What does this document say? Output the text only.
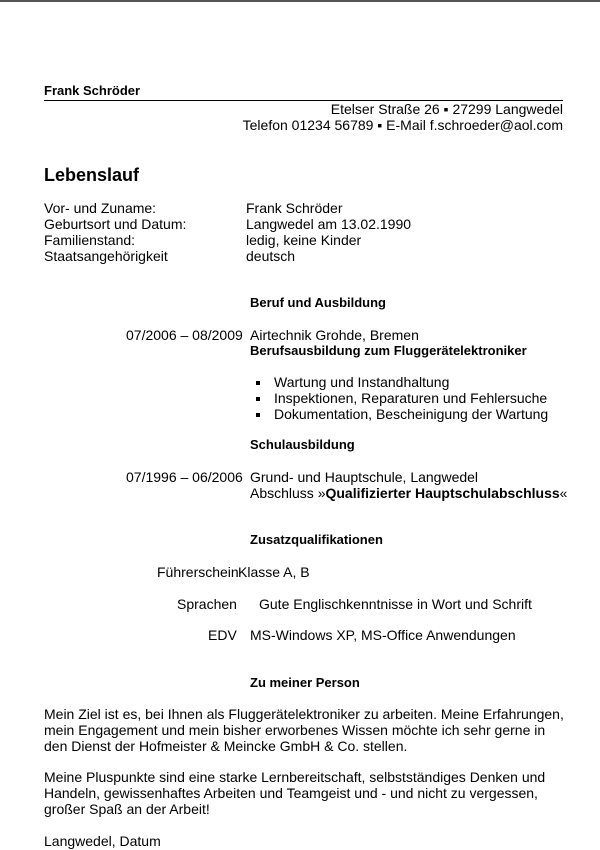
Frank Schröder
Etelser Straße 26 ▪ 27299 Langwedel
Telefon 01234 56789 ▪ E-Mail f.schroeder@aol.com
Lebenslauf
Vor- und Zuname:	Frank Schröder
Geburtsort und Datum:	Langwedel am 13.02.1990
Familienstand:	ledig, keine Kinder
Staatsangehörigkeit	deutsch
Beruf und Ausbildung
07/2006 – 08/2009 Airtechnik Grohde, Bremen
Berufsausbildung zum Fluggerätelektroniker
Wartung und Instandhaltung
Inspektionen, Reparaturen und Fehlersuche
Dokumentation, Bescheinigung der Wartung
Schulausbildung
07/1996 – 06/2006 Grund- und Hauptschule, Langwedel
Abschluss »Qualifizierter Hauptschulabschluss«
Zusatzqualifikationen
Führerschein Klasse A, B
Sprachen Gute Englischkenntnisse in Wort und Schrift
EDV MS-Windows XP, MS-Office Anwendungen
Zu meiner Person
Mein Ziel ist es, bei Ihnen als Fluggerätelektroniker zu arbeiten. Meine Erfahrungen, mein Engagement und mein bisher erworbenes Wissen möchte ich sehr gerne in den Dienst der Hofmeister & Meincke GmbH & Co. stellen.
Meine Pluspunkte sind eine starke Lernbereitschaft, selbstständiges Denken und Handeln, gewissenhaftes Arbeiten und Teamgeist und - und nicht zu vergessen, großer Spaß an der Arbeit!
Langwedel, Datum
